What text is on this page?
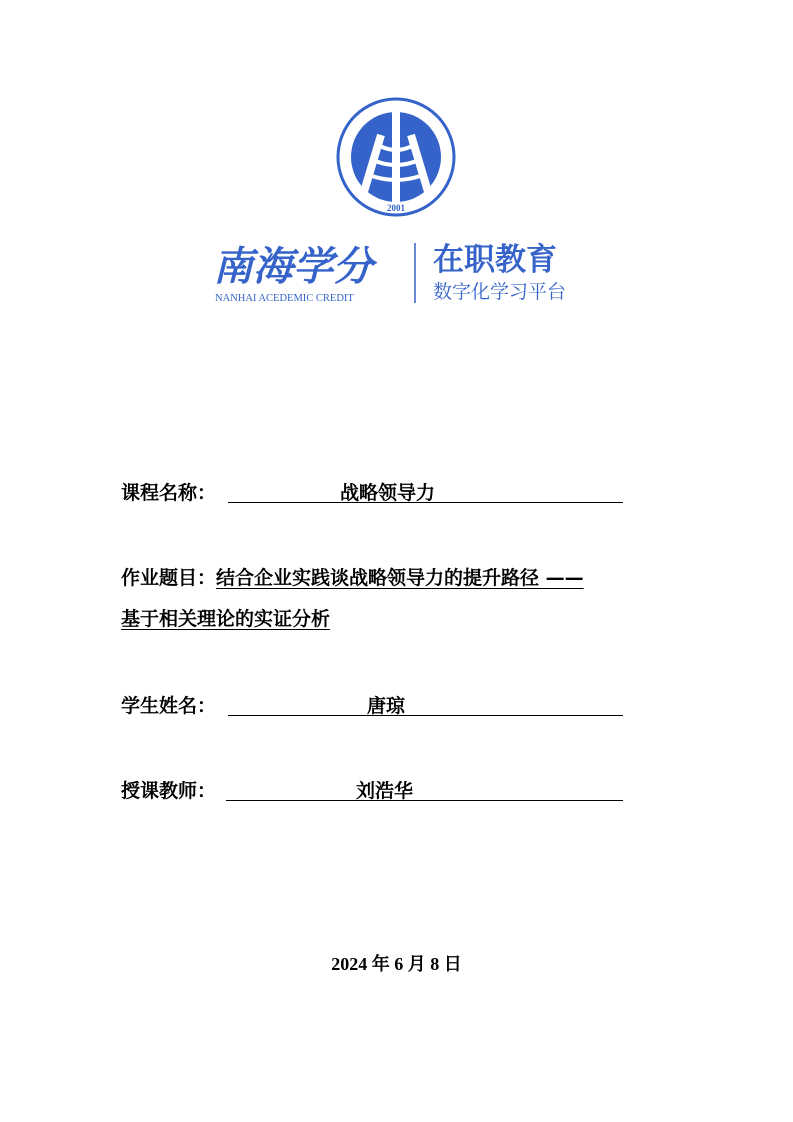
2001
南海学分
NANHAI ACEDEMIC CREDIT
在职教育
数字化学习平台
课程名称：	战略领导力
作业题目：结合企业实践谈战略领导力的提升路径 ——
基于相关理论的实证分析
学生姓名：	唐琼
授课教师：	刘浩华
2024 年 6 月 8 日
